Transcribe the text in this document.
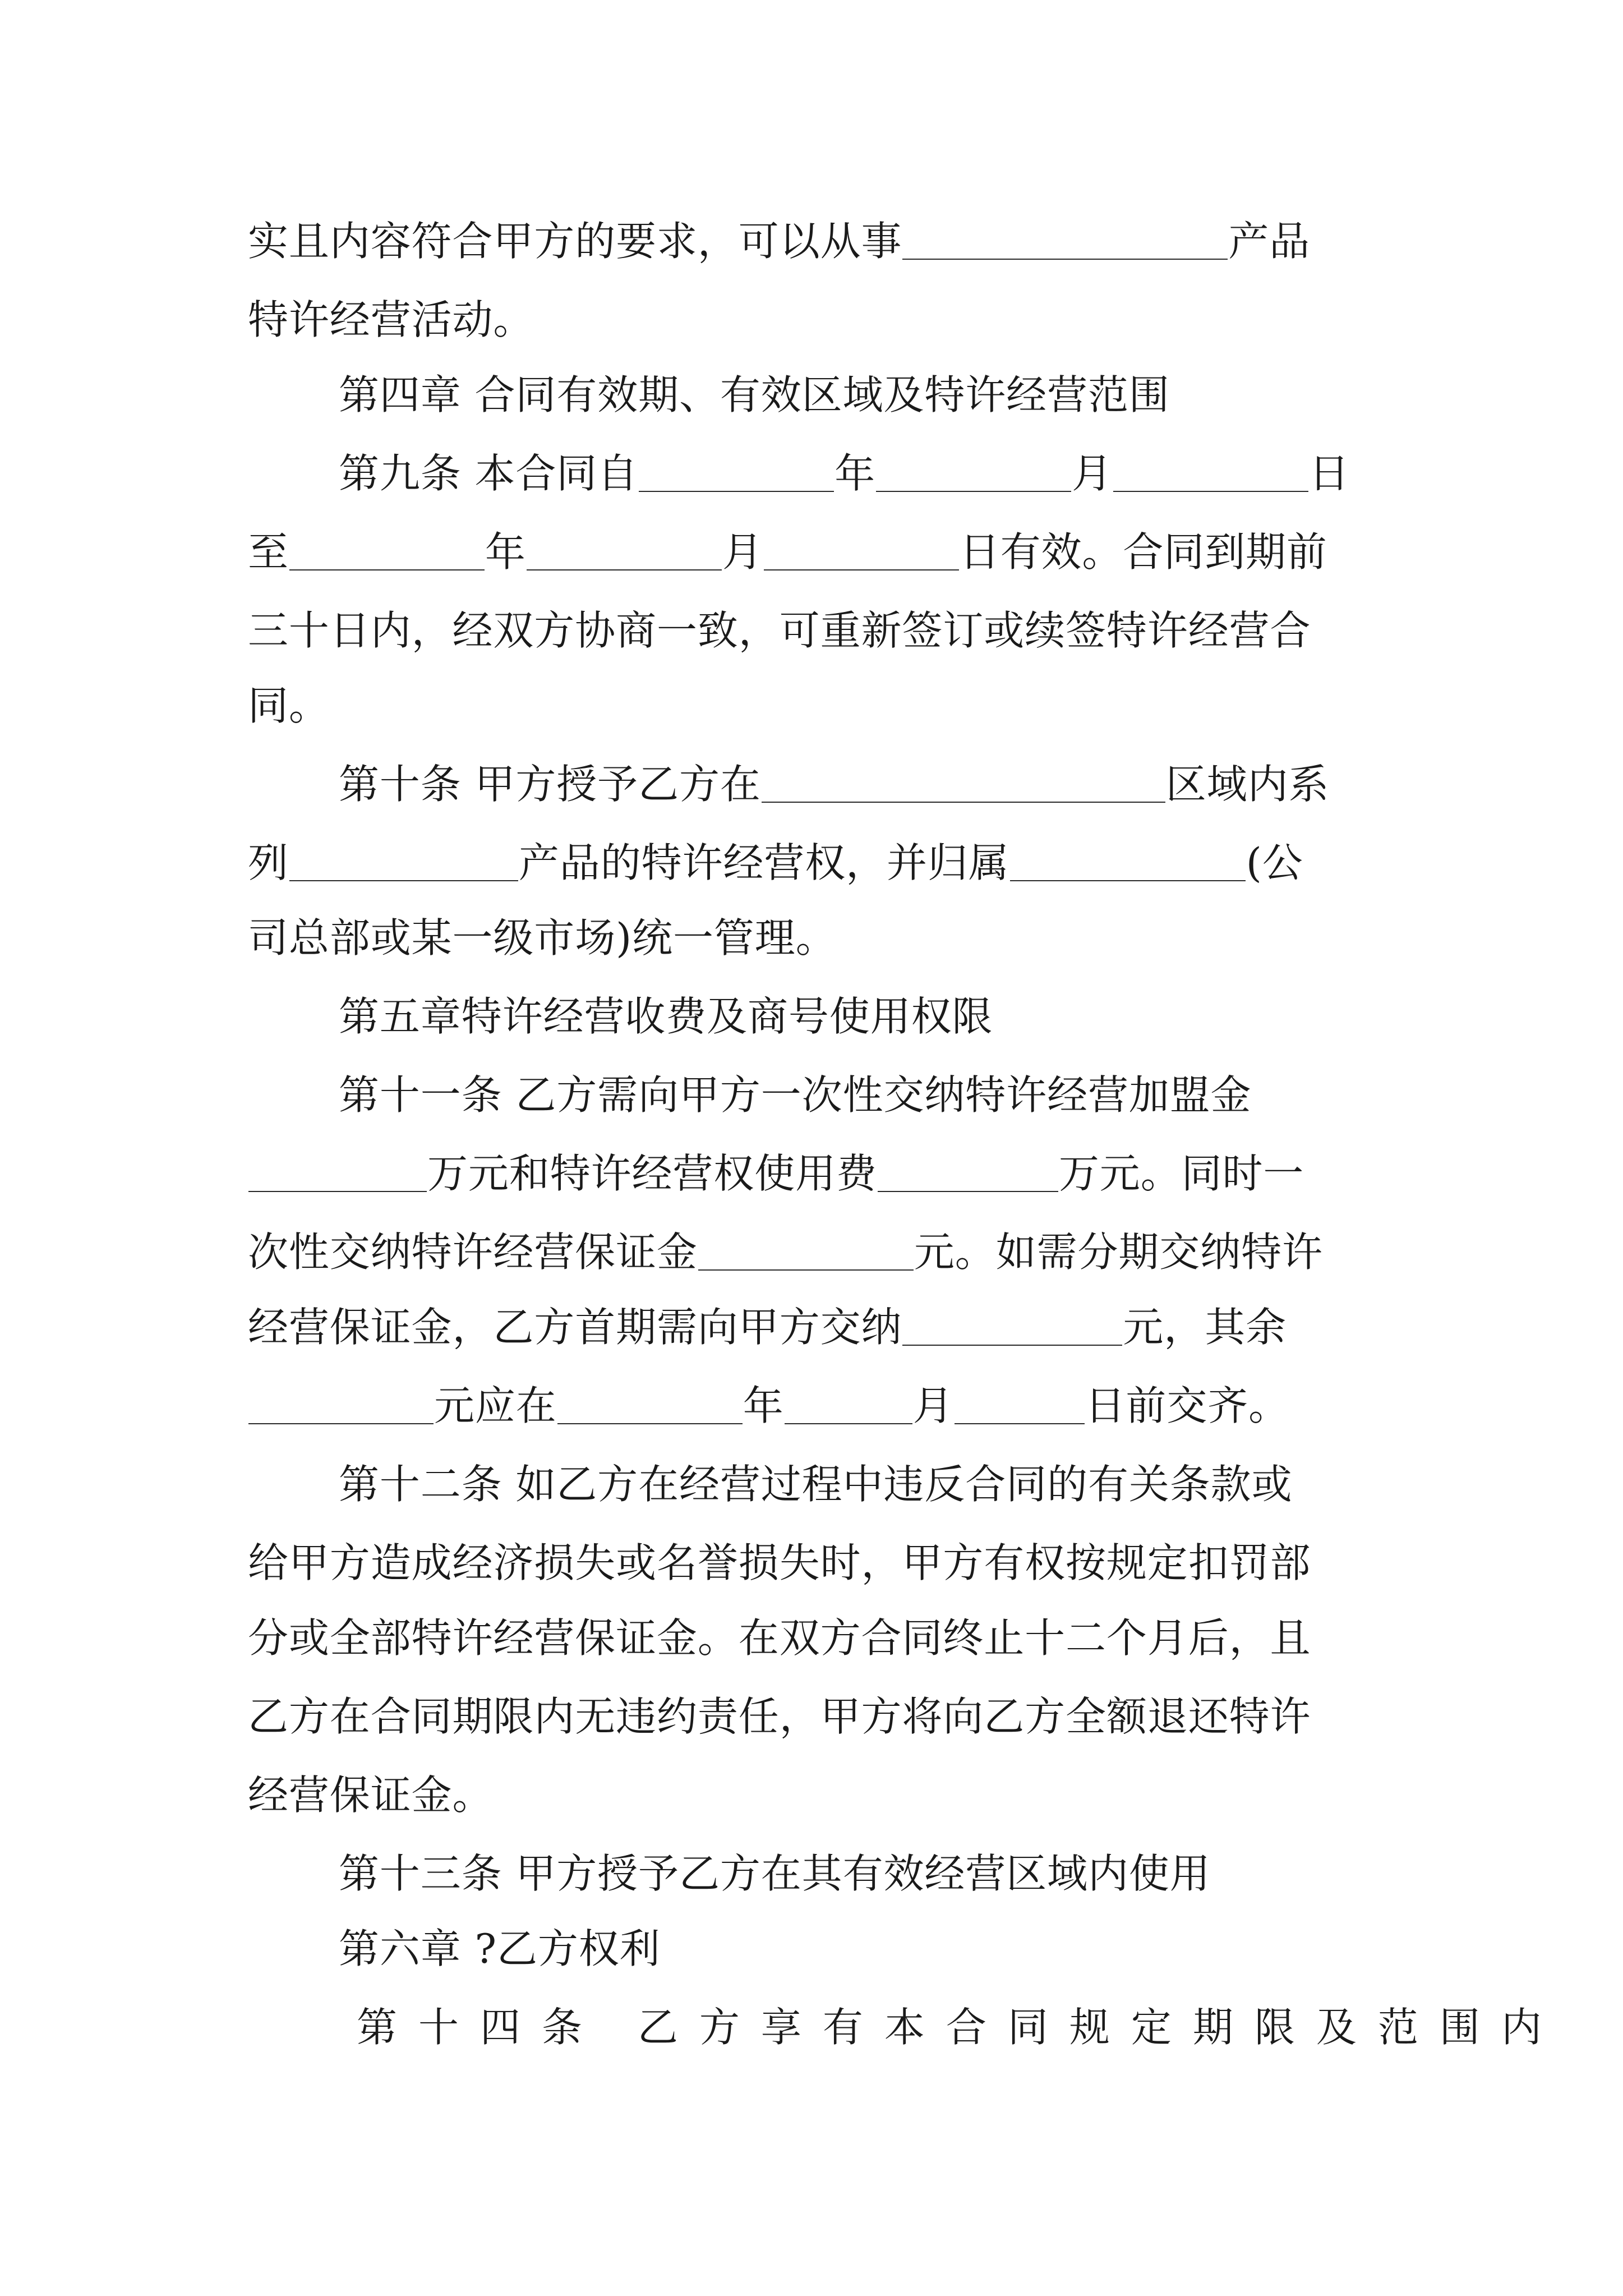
实且内容符合甲方的要求，可以从事	产品
特许经营活动。
第四章 合同有效期、有效区域及特许经营范围
第九条 本合同自	年	月	日
至	年	月	日有效。合同到期前
三十日内，经双方协商一致，可重新签订或续签特许经营合
同。
第十条 甲方授予乙方在	区域内系
列	产品的特许经营权，并归属	(公
司总部或某一级市场)统一管理。
第五章特许经营收费及商号使用权限
第十一条 乙方需向甲方一次性交纳特许经营加盟金
万元和特许经营权使用费	万元。同时一
次性交纳特许经营保证金	元。如需分期交纳特许
经营保证金，乙方首期需向甲方交纳	元，其余
元应在	年	月	日前交齐。
第十二条 如乙方在经营过程中违反合同的有关条款或
给甲方造成经济损失或名誉损失时，甲方有权按规定扣罚部
分或全部特许经营保证金。在双方合同终止十二个月后，且
乙方在合同期限内无违约责任，甲方将向乙方全额退还特许
经营保证金。
第十三条 甲方授予乙方在其有效经营区域内使用
第六章 ?乙方权利
第十四条 乙方享有本合同规定期限及范围内
